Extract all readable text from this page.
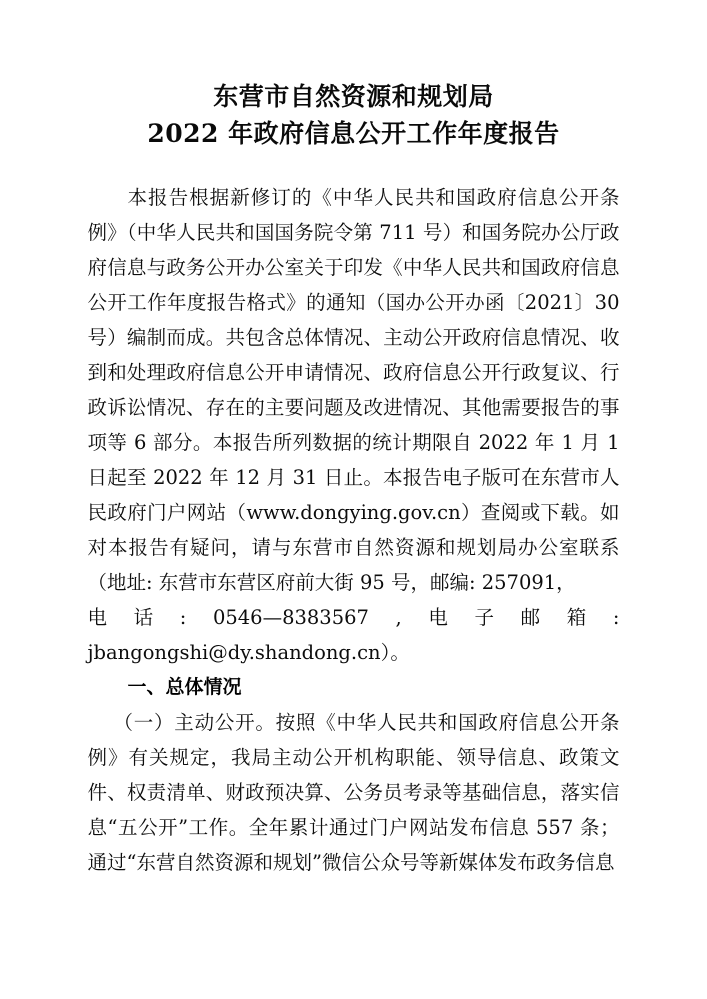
东营市自然资源和规划局
2022 年政府信息公开工作年度报告

本报告根据新修订的《中华人民共和国政府信息公开条例》（中华人民共和国国务院令第 711 号）和国务院办公厅政府信息与政务公开办公室关于印发《中华人民共和国政府信息公开工作年度报告格式》的通知（国办公开办函〔2021〕30 号）编制而成。共包含总体情况、主动公开政府信息情况、收到和处理政府信息公开申请情况、政府信息公开行政复议、行政诉讼情况、存在的主要问题及改进情况、其他需要报告的事项等 6 部分。本报告所列数据的统计期限自 2022 年 1 月 1 日起至 2022 年 12 月 31 日止。本报告电子版可在东营市人民政府门户网站（www.dongying.gov.cn）查阅或下载。如对本报告有疑问，请与东营市自然资源和规划局办公室联系（地址: 东营市东营区府前大街 95 号，邮编: 257091，

电 话 : 0546—8383567 , 电 子 邮 箱 :

jbangongshi@dy.shandong.cn）。

一、总体情况

（一）主动公开。按照《中华人民共和国政府信息公开条例》有关规定，我局主动公开机构职能、领导信息、政策文件、权责清单、财政预决算、公务员考录等基础信息，落实信息“五公开”工作。全年累计通过门户网站发布信息 557 条；通过“东营自然资源和规划”微信公众号等新媒体发布政务信息
